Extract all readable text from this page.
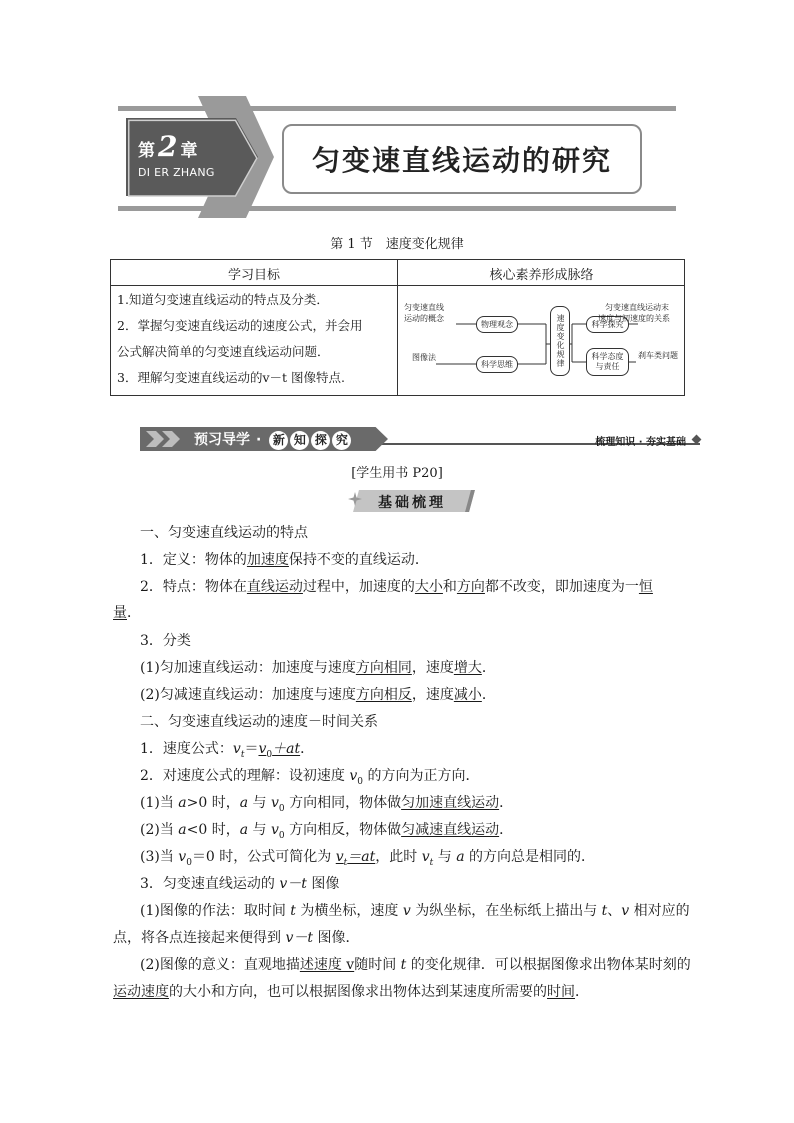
第 2 章
DI ER ZHANG	匀变速直线运动的研究
第 1 节　速度变化规律
学习目标	核心素养形成脉络
1.知道匀变速直线运动的特点及分类．
2．掌握匀变速直线运动的速度公式，并会用
公式解决简单的匀变速直线运动问题．
3．理解匀变速直线运动的v－t 图像特点.
匀变速直线
运动的概念
物理观念
图像法
科学思维	速度变化规律	科学探究
匀变速直线运动末
速度与初速度的关系
科学态度
与责任
刹车类问题
预习导学 · 新 知 探 究	梳理知识 · 夯实基础
[学生用书 P20]
基础梳理
一、匀变速直线运动的特点
1．定义：物体的加速度保持不变的直线运动．
2．特点：物体在直线运动过程中，加速度的大小和方向都不改变，即加速度为一恒
量．
3．分类
(1)匀加速直线运动：加速度与速度方向相同，速度增大．
(2)匀减速直线运动：加速度与速度方向相反，速度减小．
二、匀变速直线运动的速度－时间关系
1．速度公式：$v_t=v_0+at$．
2．对速度公式的理解：设初速度 $v_0$ 的方向为正方向．
(1)当 a>0 时，a 与 $v_0$ 方向相同，物体做匀加速直线运动．
(2)当 a<0 时，a 与 $v_0$ 方向相反，物体做匀减速直线运动．
(3)当 $v_0=0$ 时，公式可简化为 $v_t=at$，此时 $v_t$ 与 a 的方向总是相同的．
3．匀变速直线运动的 v－t 图像
(1)图像的作法：取时间 t 为横坐标，速度 v 为纵坐标，在坐标纸上描出与 t、v 相对应的
点，将各点连接起来便得到 v－t 图像．
(2)图像的意义：直观地描述速度 v随时间 t 的变化规律．可以根据图像求出物体某时刻的
运动速度的大小和方向，也可以根据图像求出物体达到某速度所需要的时间．
